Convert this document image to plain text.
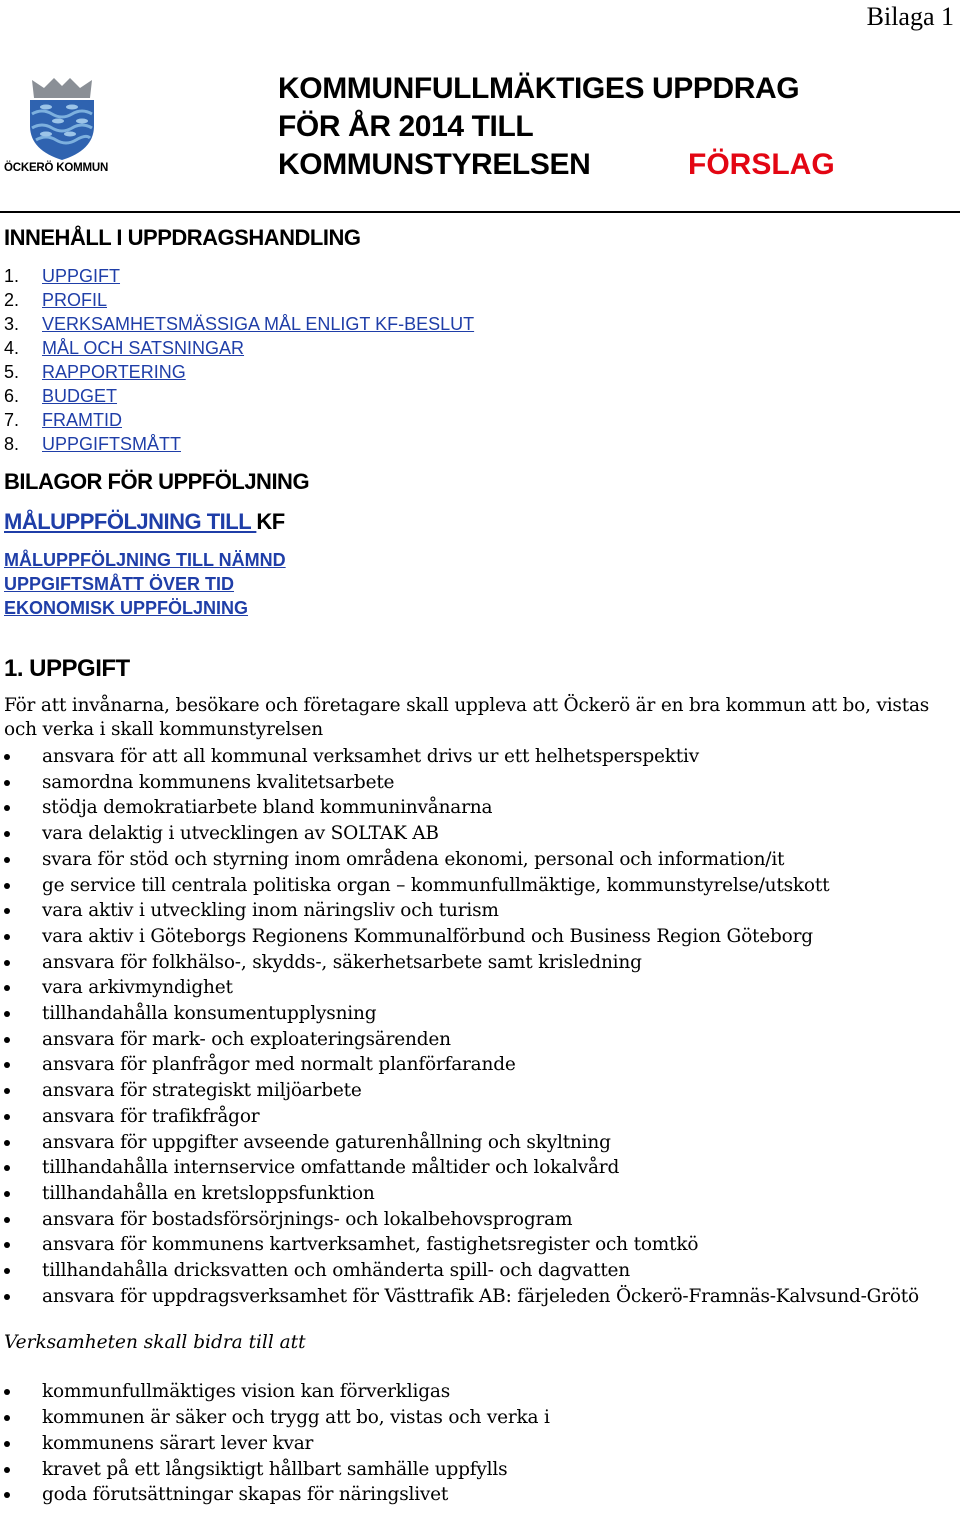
Bilaga 1
ÖCKERÖ KOMMUN
KOMMUNFULLMÄKTIGES UPPDRAG
FÖR ÅR 2014 TILL
KOMMUNSTYRELSEN	FÖRSLAG
INNEHÅLL I UPPDRAGSHANDLING
1.	UPPGIFT
2.	PROFIL
3.	VERKSAMHETSMÄSSIGA MÅL ENLIGT KF-BESLUT
4.	MÅL OCH SATSNINGAR
5.	RAPPORTERING
6.	BUDGET
7.	FRAMTID
8.	UPPGIFTSMÅTT
BILAGOR FÖR UPPFÖLJNING
MÅLUPPFÖLJNING TILL KF
MÅLUPPFÖLJNING TILL NÄMND
UPPGIFTSMÅTT ÖVER TID
EKONOMISK UPPFÖLJNING
1. UPPGIFT

För att invånarna, besökare och företagare skall uppleva att Öckerö är en bra kommun att bo, vistas och verka i skall kommunstyrelsen

ansvara för att all kommunal verksamhet drivs ur ett helhetsperspektiv
samordna kommunens kvalitetsarbete
stödja demokratiarbete bland kommuninvånarna
vara delaktig i utvecklingen av SOLTAK AB
svara för stöd och styrning inom områdena ekonomi, personal och information/it
ge service till centrala politiska organ – kommunfullmäktige, kommunstyrelse/utskott
vara aktiv i utveckling inom näringsliv och turism
vara aktiv i Göteborgs Regionens Kommunalförbund och Business Region Göteborg
ansvara för folkhälso-, skydds-, säkerhetsarbete samt krisledning
vara arkivmyndighet
tillhandahålla konsumentupplysning
ansvara för mark- och exploateringsärenden
ansvara för planfrågor med normalt planförfarande
ansvara för strategiskt miljöarbete
ansvara för trafikfrågor
ansvara för uppgifter avseende gaturenhållning och skyltning
tillhandahålla internservice omfattande måltider och lokalvård
tillhandahålla en kretsloppsfunktion
ansvara för bostadsförsörjnings- och lokalbehovsprogram
ansvara för kommunens kartverksamhet, fastighetsregister och tomtkö
tillhandahålla dricksvatten och omhänderta spill- och dagvatten
ansvara för uppdragsverksamhet för Västtrafik AB: färjeleden Öckerö-Framnäs-Kalvsund-Grötö

Verksamheten skall bidra till att

kommunfullmäktiges vision kan förverkligas
kommunen är säker och trygg att bo, vistas och verka i
kommunens särart lever kvar
kravet på ett långsiktigt hållbart samhälle uppfylls
goda förutsättningar skapas för näringslivet
